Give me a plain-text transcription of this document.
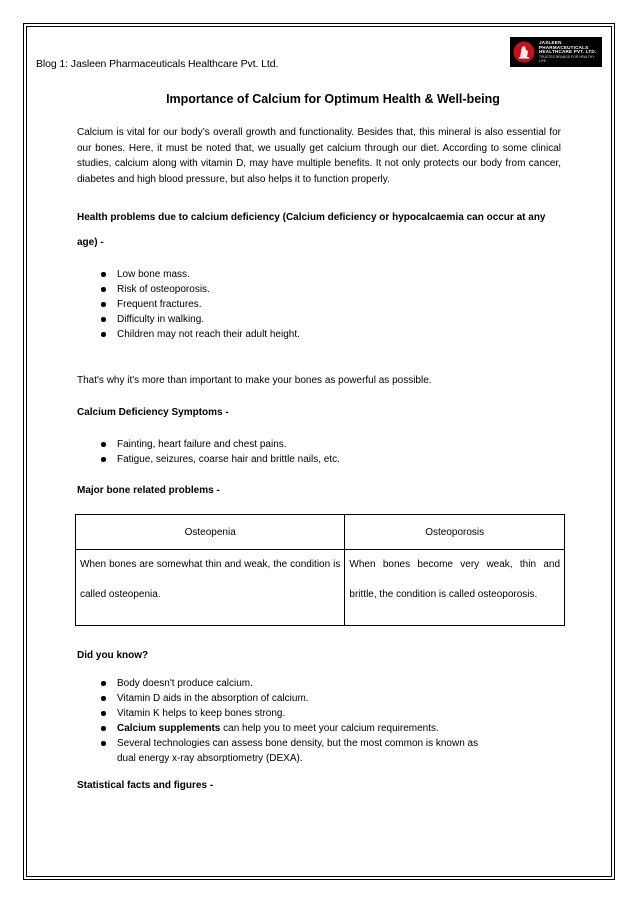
Blog 1: Jasleen Pharmaceuticals Healthcare Pvt. Ltd.
JASLEEN PHARMACEUTICALS
HEALTHCARE PVT. LTD.
TRUSTED BRANDS FOR HEALTHY LIFE
Importance of Calcium for Optimum Health & Well-being
Calcium is vital for our body’s overall growth and functionality. Besides that, this mineral is also essential for our bones. Here, it must be noted that, we usually get calcium through our diet. According to some clinical studies, calcium along with vitamin D, may have multiple benefits. It not only protects our body from cancer, diabetes and high blood pressure, but also helps it to function properly.
Health problems due to calcium deficiency (Calcium deficiency or hypocalcaemia can occur at any
age) -
Low bone mass.
Risk of osteoporosis.
Frequent fractures.
Difficulty in walking.
Children may not reach their adult height.
That's why it's more than important to make your bones as powerful as possible.
Calcium Deficiency Symptoms -
Fainting, heart failure and chest pains.
Fatigue, seizures, coarse hair and brittle nails, etc.
Major bone related problems -
Osteopenia	Osteoporosis
When bones are somewhat thin and weak, the condition is called osteopenia.	When bones become very weak, thin and brittle, the condition is called osteoporosis.
Did you know?
Body doesn't produce calcium.
Vitamin D aids in the absorption of calcium.
Vitamin K helps to keep bones strong.
Calcium supplements can help you to meet your calcium requirements.
Several technologies can assess bone density, but the most common is known as dual energy x-ray absorptiometry (DEXA).
Statistical facts and figures -
